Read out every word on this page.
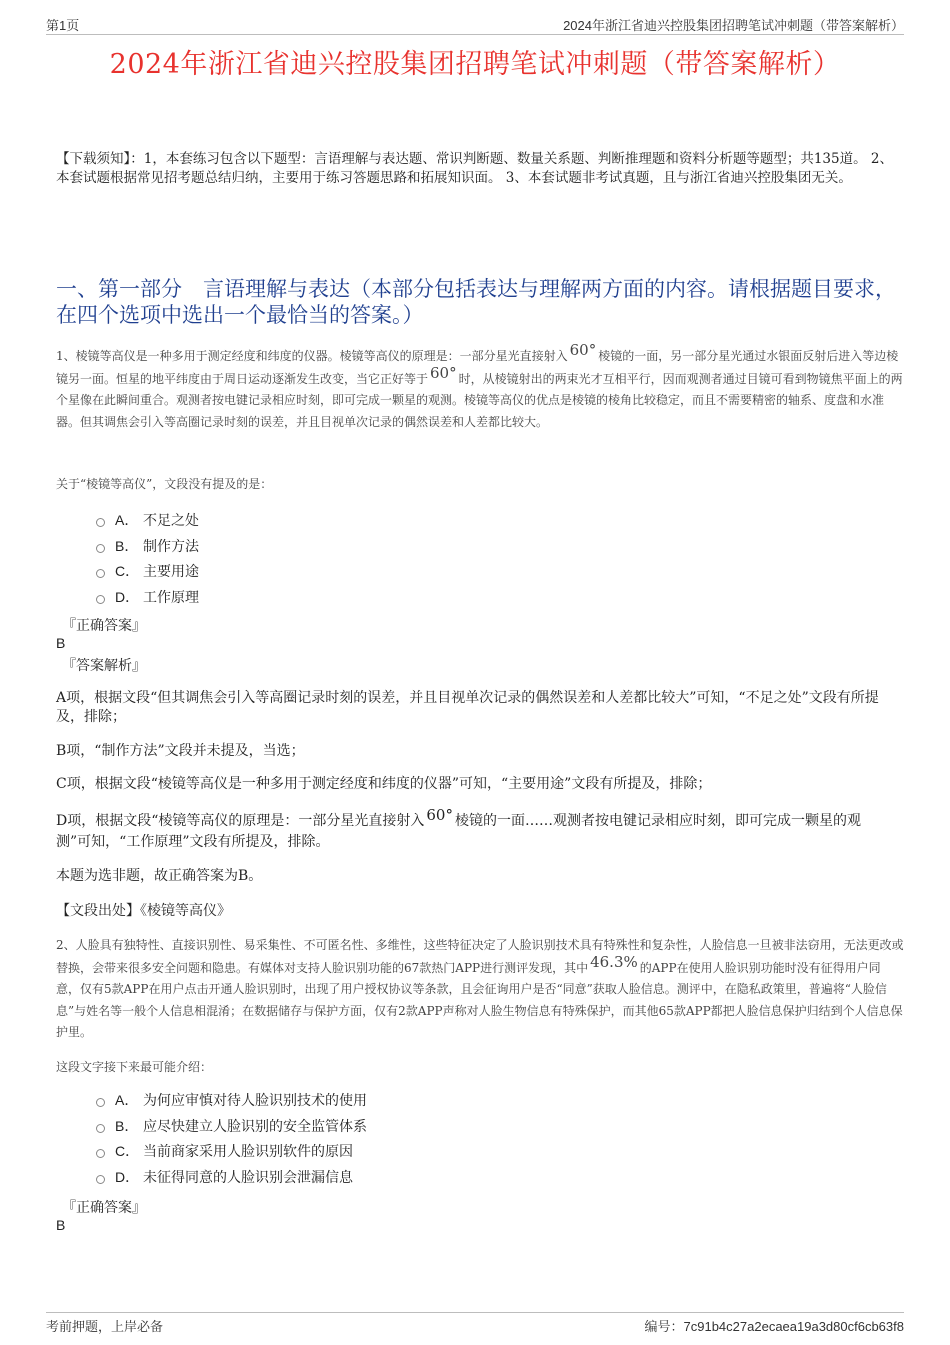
第1页	2024年浙江省迪兴控股集团招聘笔试冲刺题（带答案解析）
2024年浙江省迪兴控股集团招聘笔试冲刺题（带答案解析）
【下载须知】：1，本套练习包含以下题型：言语理解与表达题、常识判断题、数量关系题、判断推理题和资料分析题等题型；共135道。 2、本套试题根据常见招考题总结归纳，主要用于练习答题思路和拓展知识面。 3、本套试题非考试真题，且与浙江省迪兴控股集团无关。
一、第一部分　言语理解与表达（本部分包括表达与理解两方面的内容。请根据题目要求，在四个选项中选出一个最恰当的答案。）
1、棱镜等高仪是一种多用于测定经度和纬度的仪器。棱镜等高仪的原理是：一部分星光直接射入 60° 棱镜的一面，另一部分星光通过水银面反射后进入等边棱镜另一面。恒星的地平纬度由于周日运动逐渐发生改变，当它正好等于 60° 时，从棱镜射出的两束光才互相平行，因而观测者通过目镜可看到物镜焦平面上的两个星像在此瞬间重合。观测者按电键记录相应时刻，即可完成一颗星的观测。棱镜等高仪的优点是棱镜的棱角比较稳定，而且不需要精密的轴系、度盘和水准器。但其调焦会引入等高圈记录时刻的误差，并且目视单次记录的偶然误差和人差都比较大。
关于“棱镜等高仪”，文段没有提及的是：
A． 不足之处
B． 制作方法
C． 主要用途
D． 工作原理
『正确答案』
B
『答案解析』
A项，根据文段“但其调焦会引入等高圈记录时刻的误差，并且目视单次记录的偶然误差和人差都比较大”可知，“不足之处”文段有所提及，排除；
B项，“制作方法”文段并未提及，当选；
C项，根据文段“棱镜等高仪是一种多用于测定经度和纬度的仪器”可知，“主要用途”文段有所提及，排除；
D项，根据文段“棱镜等高仪的原理是：一部分星光直接射入 60° 棱镜的一面……观测者按电键记录相应时刻，即可完成一颗星的观测”可知，“工作原理”文段有所提及，排除。
本题为选非题，故正确答案为B。
【文段出处】《棱镜等高仪》
2、人脸具有独特性、直接识别性、易采集性、不可匿名性、多维性，这些特征决定了人脸识别技术具有特殊性和复杂性，人脸信息一旦被非法窃用，无法更改或替换，会带来很多安全问题和隐患。有媒体对支持人脸识别功能的67款热门APP进行测评发现，其中 46.3% 的APP在使用人脸识别功能时没有征得用户同意，仅有5款APP在用户点击开通人脸识别时，出现了用户授权协议等条款，且会征询用户是否“同意”获取人脸信息。测评中，在隐私政策里，普遍将“人脸信息”与姓名等一般个人信息相混淆；在数据储存与保护方面，仅有2款APP声称对人脸生物信息有特殊保护，而其他65款APP都把人脸信息保护归结到个人信息保护里。
这段文字接下来最可能介绍：
A． 为何应审慎对待人脸识别技术的使用
B． 应尽快建立人脸识别的安全监管体系
C． 当前商家采用人脸识别软件的原因
D． 未征得同意的人脸识别会泄漏信息
『正确答案』
B
考前押题，上岸必备	编号：7c91b4c27a2ecaea19a3d80cf6cb63f8
